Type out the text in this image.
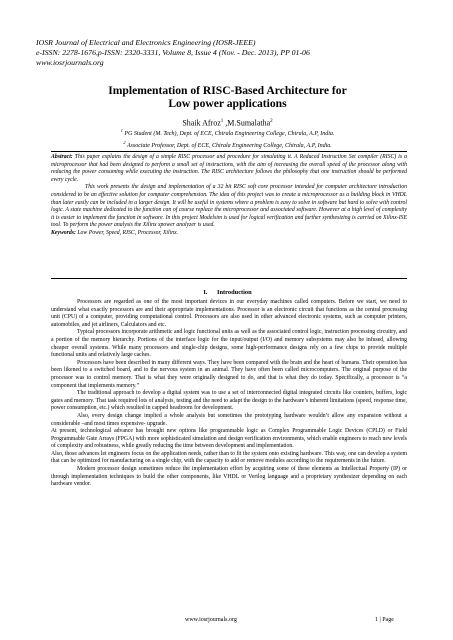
IOSR Journal of Electrical and Electronics Engineering (IOSR-JEEE)
e-ISSN: 2278-1676,p-ISSN: 2320-3331, Volume 8, Issue 4 (Nov. - Dec. 2013), PP 01-06
www.iosrjournals.org
Implementation of RISC-Based Architecture for
Low power applications
Shaik Afroz$^1$ ,M.Sumalatha$^2$
$^1$ PG Student (M. Tech), Dept. of ECE, Chirala Engineering College, Chirala, A.P, India.
$^2$ Associate Professor, Dept. of ECE, Chirala Engineering College, Chirala, A.P, India.

Abstract: This paper explains the design of a simple RISC processor and procedure for simulating it. A Reduced Instruction Set compiler (RISC) is a microprocessor that had been designed to perform a small set of instructions, with the aim of increasing the overall speed of the processor along with reducing the power consuming while executing the instruction. The RISC architecture follows the philosophy that one instruction should be performed every cycle.

This work presents the design and implementation of a 32 bit RISC soft core processor intended for computer architecture introduction considered to be an effective solution for computer comprehension. The idea of this project was to create a microprocessor as a building block in VHDL than later easily can be included in a larger design. It will be useful in systems where a problem is easy to solve in software but hard to solve with control logic. A state machine dedicated to the function can of course replace the microprocessor and associated software. However at a high level of complexity it is easier to implement the function in software. In this project Modelsim is used for logical verification and further synthesizing is carried on Xilinx-ISE tool. To perform the power analysis the Xilinx xpower analyzer is used.

Keywords: Low Power, Speed, RISC, Processor, Xilinx.

I. Introduction

Processors are regarded as one of the most important devices in our everyday machines called computers. Before we start, we need to understand what exactly processors are and their appropriate implementations. Processor is an electronic circuit that functions as the central processing unit (CPU) of a computer, providing computational control. Processors are also used in other advanced electronic systems, such as computer printers, automobiles, and jet airliners, Calculators and etc.

Typical processors incorporate arithmetic and logic functional units as well as the associated control logic, instruction processing circuitry, and a portion of the memory hierarchy. Portions of the interface logic for the input/output (I/O) and memory subsystems may also be infused, allowing cheaper overall systems. While many processors and single-chip designs, some high-performance designs rely on a few chips to provide multiple functional units and relatively large caches.

Processors have been described in many different ways. They have been compared with the brain and the heart of humans. Their operation has been likened to a switched board, and to the nervous system in an animal. They have often been called microcomputers. The original purpose of the processor was to control memory. That is what they were originally designed to do, and that is what they do today. Specifically, a processor is “a component that implements memory.”

The traditional approach to develop a digital system was to use a set of interconnected digital integrated circuits like counters, buffers, logic gates and memory. That task required lots of analysis, testing and the need to adapt the design to the hardware’s inherent limitations (speed, response time, power consumption, etc.) which resulted in capped headroom for development.

Also, every design change implied a whole analysis but sometimes the prototyping hardware wouldn’t allow any expansion without a considerable –and most times expensive- upgrade.

At present, technological advance has brought new options like programmable logic as Complex Programmable Logic Devices (CPLD) or Field Programmable Gate Arrays (FPGA) with more sophisticated simulation and design verification environments, which enable engineers to reach new levels of complexity and robustness, while greatly reducing the time between development and implementation.

Also, those advances let engineers focus on the application needs, rather than to fit the system onto existing hardware. This way, one can develop a system that can be optimized for manufacturing on a single chip, with the capacity to add or remove modules according to the requirements in the future.

Modern processor design sometimes reduce the implementation effort by acquiring some of these elements as Intellectual Property (IP) or through implementation techniques to build the other components, like VHDL or Verilog language and a proprietary synthesizer depending on each hardware vendor.

www.iosrjournals.org	1 | Page
